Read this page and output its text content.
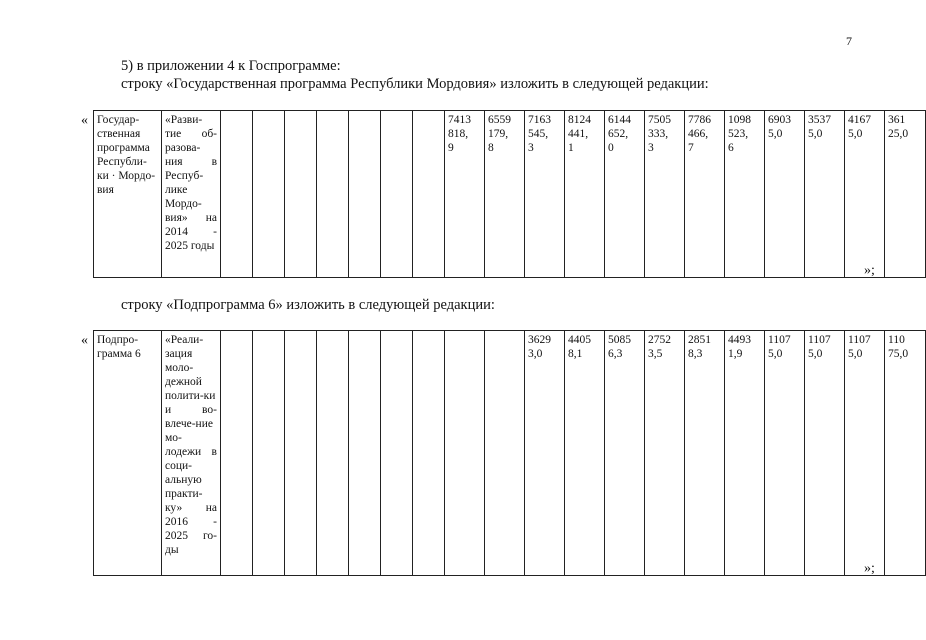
7
5) в приложении 4 к Госпрограмме:
строку «Государственная программа Республики Мордовия» изложить в следующей редакции:
« Государ-ственная программа Республи-ки · Мордо-вия	«Разви-тие об-разова-ния в Респуб-лике Мордо-вия» на 2014 - 2025 годы								7413
818,
9	6559
179,
8	7163
545,
3	8124
441,
1	6144
652,
0	7505
333,
3	7786
466,
7	1098
523,
6	6903
5,0	3537
5,0	4167
5,0	361
25,0
»;
строку «Подпрограмма 6» изложить в следующей редакции:
« Подпро-грамма 6	«Реали-зация моло-дежной полити-ки и во-влече-ние мо-лодежи в соци-альную практи-ку» на 2016 - 2025 го-ды										3629
3,0	4405
8,1	5085
6,3	2752
3,5	2851
8,3	4493
1,9	1107
5,0	1107
5,0	1107
5,0	110
75,0
»;
